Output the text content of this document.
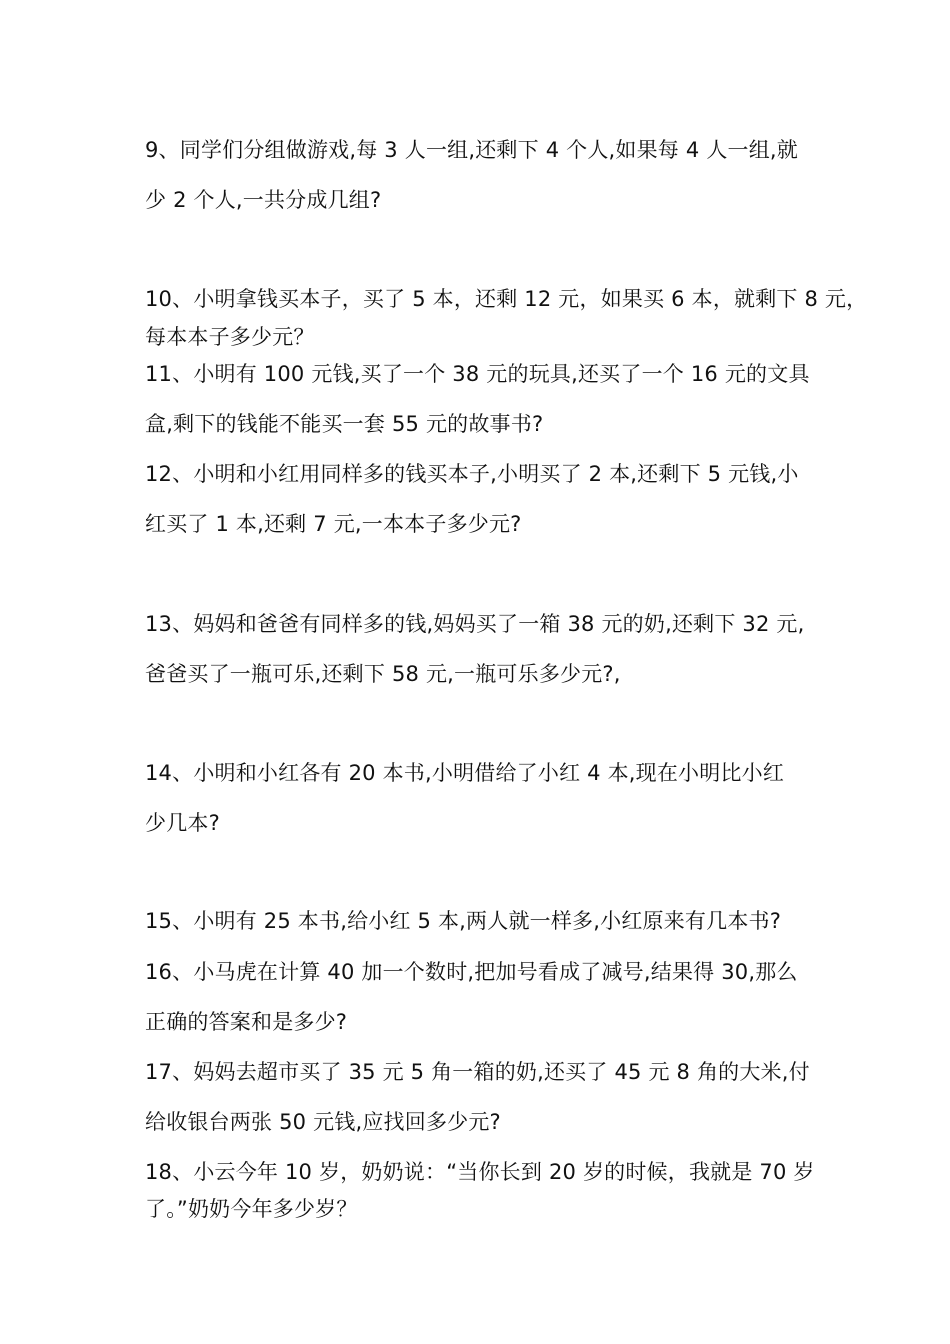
9、同学们分组做游戏,每 3 人一组,还剩下 4 个人,如果每 4 人一组,就
少 2 个人,一共分成几组?
10、小明拿钱买本子，买了 5 本，还剩 12 元，如果买 6 本，就剩下 8 元，
每本本子多少元？
11、小明有 100 元钱,买了一个 38 元的玩具,还买了一个 16 元的文具
盒,剩下的钱能不能买一套 55 元的故事书?
12、小明和小红用同样多的钱买本子,小明买了 2 本,还剩下 5 元钱,小
红买了 1 本,还剩 7 元,一本本子多少元?
13、妈妈和爸爸有同样多的钱,妈妈买了一箱 38 元的奶,还剩下 32 元,
爸爸买了一瓶可乐,还剩下 58 元,一瓶可乐多少元?,
14、小明和小红各有 20 本书,小明借给了小红 4 本,现在小明比小红
少几本?
15、小明有 25 本书,给小红 5 本,两人就一样多,小红原来有几本书?
16、小马虎在计算 40 加一个数时,把加号看成了减号,结果得 30,那么
正确的答案和是多少?
17、妈妈去超市买了 35 元 5 角一箱的奶,还买了 45 元 8 角的大米,付
给收银台两张 50 元钱,应找回多少元?
18、小云今年 10 岁，奶奶说：“当你长到 20 岁的时候，我就是 70 岁
了。”奶奶今年多少岁？
